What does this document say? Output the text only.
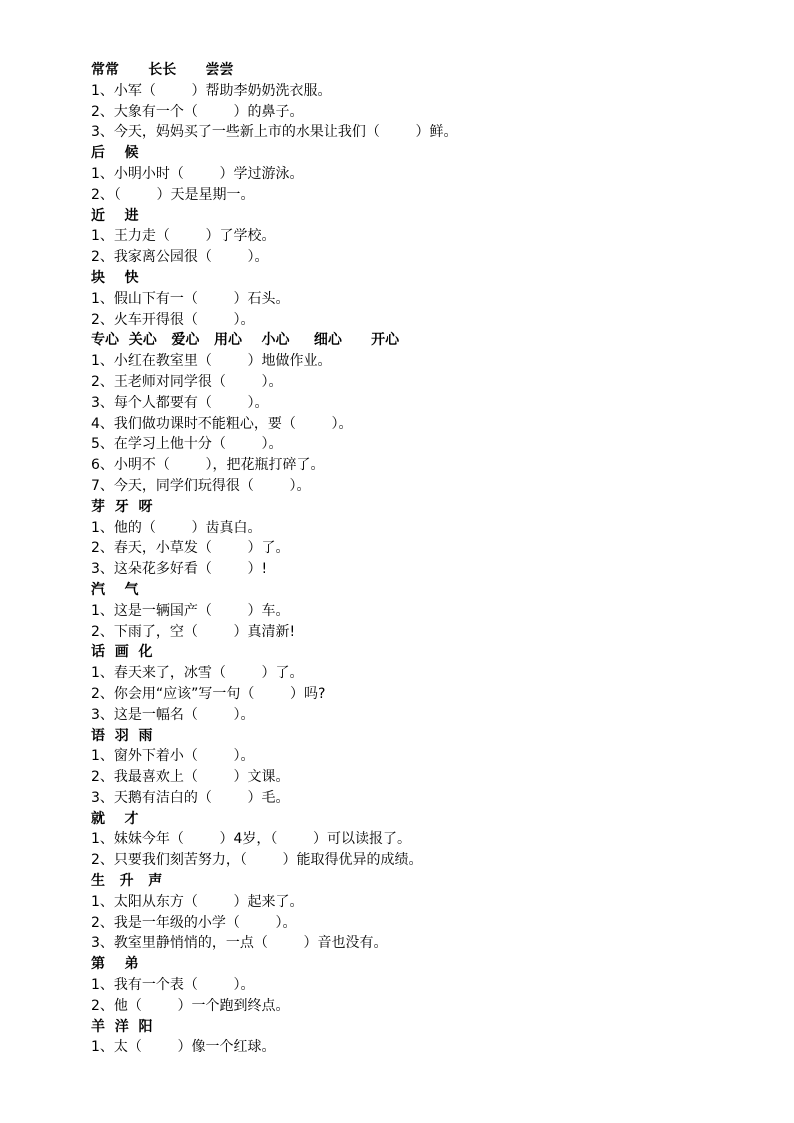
常常      长长      尝尝
1、小军（        ）帮助李奶奶洗衣服。
2、大象有一个（        ）的鼻子。
3、今天，妈妈买了一些新上市的水果让我们（        ）鲜。
后    候
1、小明小时（        ）学过游泳。
2、（        ）天是星期一。
近    进
1、王力走（        ）了学校。
2、我家离公园很（        ）。
块    快
1、假山下有一（        ）石头。
2、火车开得很（        ）。
专心  关心   爱心   用心    小心     细心      开心
1、小红在教室里（        ）地做作业。
2、王老师对同学很（        ）。
3、每个人都要有（        ）。
4、我们做功课时不能粗心，要（        ）。
5、在学习上他十分（        ）。
6、小明不（        ），把花瓶打碎了。
7、今天，同学们玩得很（        ）。
芽  牙  呀
1、他的（        ）齿真白。
2、春天，小草发（        ）了。
3、这朵花多好看（        ）!
汽    气
1、这是一辆国产（        ）车。
2、下雨了，空（        ）真清新!
话  画  化
1、春天来了，冰雪（        ）了。
2、你会用“应该”写一句（        ）吗?
3、这是一幅名（        ）。
语  羽  雨
1、窗外下着小（        ）。
2、我最喜欢上（        ）文课。
3、天鹅有洁白的（        ）毛。
就    才
1、妹妹今年（        ）4岁，（        ）可以读报了。
2、只要我们刻苦努力，（        ）能取得优异的成绩。
生   升   声
1、太阳从东方（        ）起来了。
2、我是一年级的小学（        ）。
3、教室里静悄悄的，一点（        ）音也没有。
第    弟
1、我有一个表（        ）。
2、他（        ）一个跑到终点。
羊  洋  阳
1、太（        ）像一个红球。
